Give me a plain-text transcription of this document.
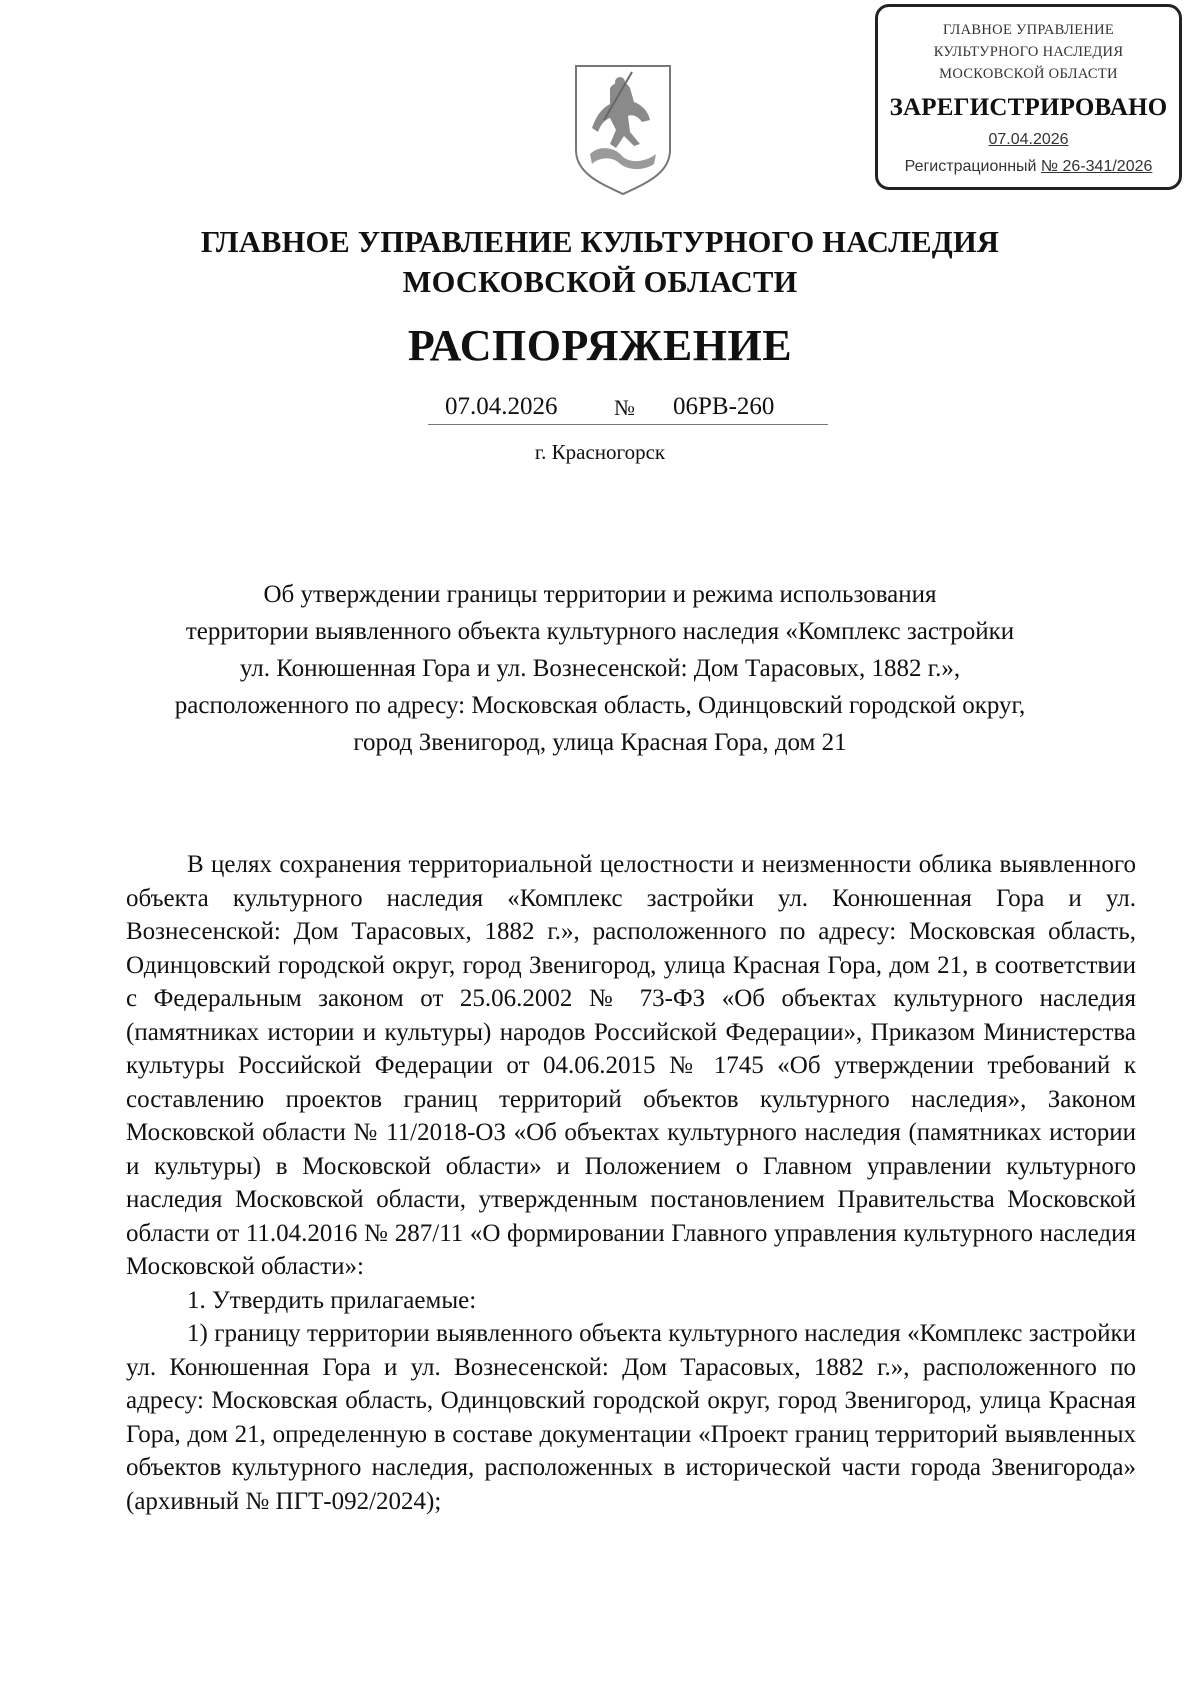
ГЛАВНОЕ УПРАВЛЕНИЕ
КУЛЬТУРНОГО НАСЛЕДИЯ
МОСКОВСКОЙ ОБЛАСТИ
ЗАРЕГИСТРИРОВАНО
07.04.2026
Регистрационный № 26-341/2026
ГЛАВНОЕ УПРАВЛЕНИЕ КУЛЬТУРНОГО НАСЛЕДИЯ
МОСКОВСКОЙ ОБЛАСТИ
РАСПОРЯЖЕНИЕ
07.04.2026	№ 06РВ-260
г. Красногорск
Об утверждении границы территории и режима использования
территории выявленного объекта культурного наследия «Комплекс застройки
ул. Конюшенная Гора и ул. Вознесенской: Дом Тарасовых, 1882 г.»,
расположенного по адресу: Московская область, Одинцовский городской округ,
город Звенигород, улица Красная Гора, дом 21

В целях сохранения территориальной целостности и неизменности облика выявленного объекта культурного наследия «Комплекс застройки ул. Конюшенная Гора и ул. Вознесенской: Дом Тарасовых, 1882 г.», расположенного по адресу: Московская область, Одинцовский городской округ, город Звенигород, улица Красная Гора, дом 21, в соответствии с Федеральным законом от 25.06.2002 № 73-ФЗ «Об объектах культурного наследия (памятниках истории и культуры) народов Российской Федерации», Приказом Министерства культуры Российской Федерации от 04.06.2015 № 1745 «Об утверждении требований к составлению проектов границ территорий объектов культурного наследия», Законом Московской области № 11/2018-ОЗ «Об объектах культурного наследия (памятниках истории и культуры) в Московской области» и Положением о Главном управлении культурного наследия Московской области, утвержденным постановлением Правительства Московской области от 11.04.2016 № 287/11 «О формировании Главного управления культурного наследия Московской области»:

1. Утвердить прилагаемые:

1) границу территории выявленного объекта культурного наследия «Комплекс застройки ул. Конюшенная Гора и ул. Вознесенской: Дом Тарасовых, 1882 г.», расположенного по адресу: Московская область, Одинцовский городской округ, город Звенигород, улица Красная Гора, дом 21, определенную в составе документации «Проект границ территорий выявленных объектов культурного наследия, расположенных в исторической части города Звенигорода» (архивный № ПГТ-092/2024);
